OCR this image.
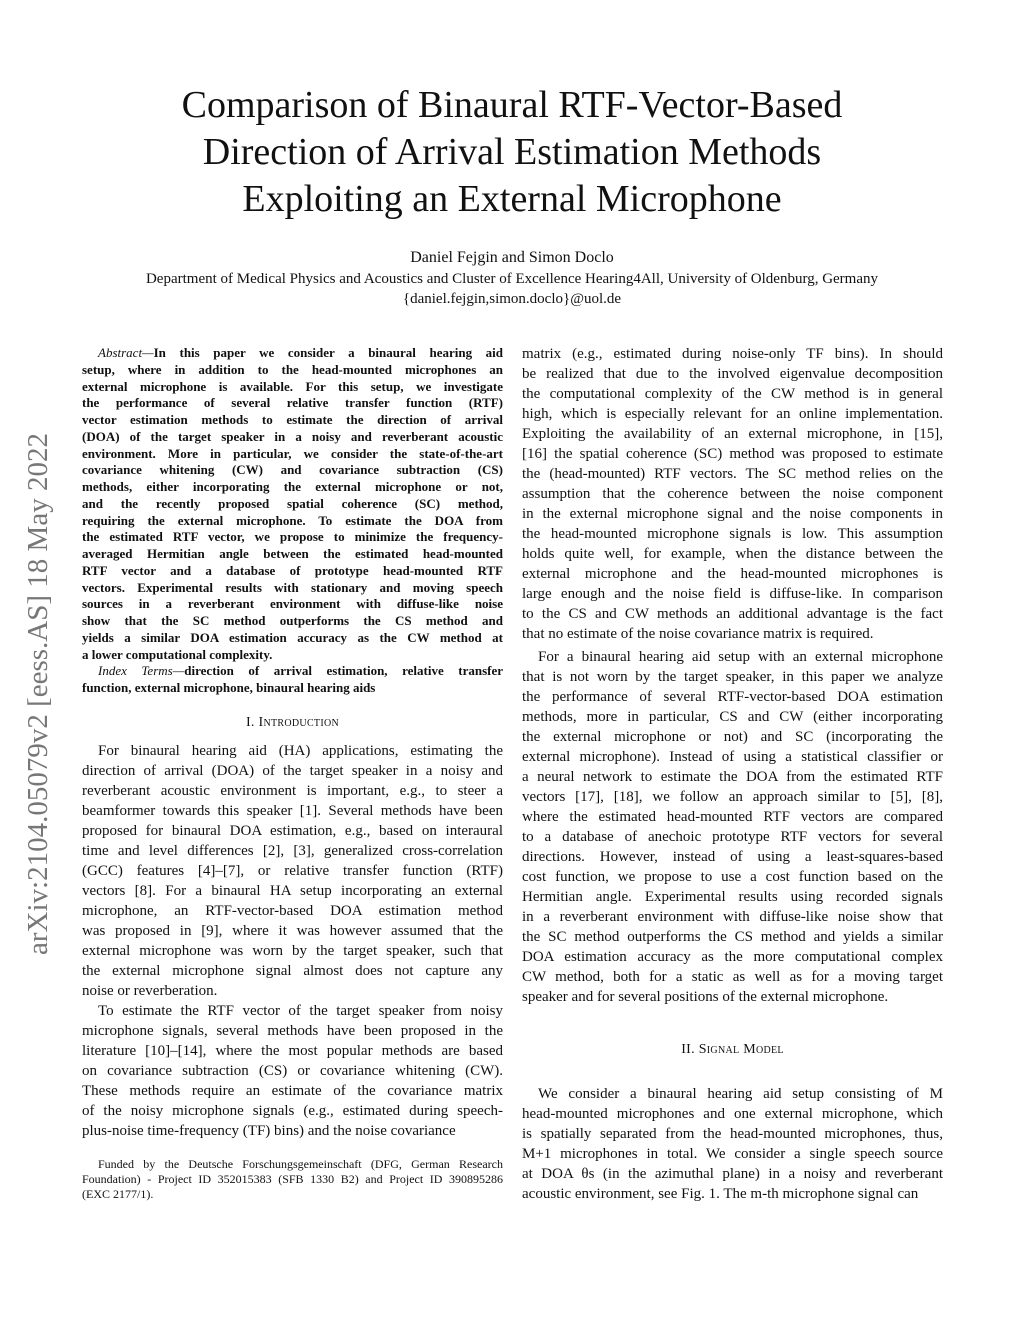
Comparison of Binaural RTF-Vector-Based
Direction of Arrival Estimation Methods
Exploiting an External Microphone
Daniel Fejgin and Simon Doclo
Department of Medical Physics and Acoustics and Cluster of Excellence Hearing4All, University of Oldenburg, Germany
{daniel.fejgin,simon.doclo}@uol.de
arXiv:2104.05079v2 [eess.AS] 18 May 2022
Abstract—In this paper we consider a binaural hearing aid
setup, where in addition to the head-mounted microphones an
external microphone is available. For this setup, we investigate
the performance of several relative transfer function (RTF)
vector estimation methods to estimate the direction of arrival
(DOA) of the target speaker in a noisy and reverberant acoustic
environment. More in particular, we consider the state-of-the-art
covariance whitening (CW) and covariance subtraction (CS)
methods, either incorporating the external microphone or not,
and the recently proposed spatial coherence (SC) method,
requiring the external microphone. To estimate the DOA from
the estimated RTF vector, we propose to minimize the frequency-
averaged Hermitian angle between the estimated head-mounted
RTF vector and a database of prototype head-mounted RTF
vectors. Experimental results with stationary and moving speech
sources in a reverberant environment with diffuse-like noise
show that the SC method outperforms the CS method and
yields a similar DOA estimation accuracy as the CW method at
a lower computational complexity.
Index Terms—direction of arrival estimation, relative transfer
function, external microphone, binaural hearing aids
I. Introduction
For binaural hearing aid (HA) applications, estimating the
direction of arrival (DOA) of the target speaker in a noisy and
reverberant acoustic environment is important, e.g., to steer a
beamformer towards this speaker [1]. Several methods have been
proposed for binaural DOA estimation, e.g., based on interaural
time and level differences [2], [3], generalized cross-correlation
(GCC) features [4]–[7], or relative transfer function (RTF)
vectors [8]. For a binaural HA setup incorporating an external
microphone, an RTF-vector-based DOA estimation method
was proposed in [9], where it was however assumed that the
external microphone was worn by the target speaker, such that
the external microphone signal almost does not capture any
noise or reverberation.
To estimate the RTF vector of the target speaker from noisy
microphone signals, several methods have been proposed in the
literature [10]–[14], where the most popular methods are based
on covariance subtraction (CS) or covariance whitening (CW).
These methods require an estimate of the covariance matrix
of the noisy microphone signals (e.g., estimated during speech-
plus-noise time-frequency (TF) bins) and the noise covariance
Funded by the Deutsche Forschungsgemeinschaft (DFG, German Research
Foundation) - Project ID 352015383 (SFB 1330 B2) and Project ID 390895286
(EXC 2177/1).
matrix (e.g., estimated during noise-only TF bins). In should
be realized that due to the involved eigenvalue decomposition
the computational complexity of the CW method is in general
high, which is especially relevant for an online implementation.
Exploiting the availability of an external microphone, in [15],
[16] the spatial coherence (SC) method was proposed to estimate
the (head-mounted) RTF vectors. The SC method relies on the
assumption that the coherence between the noise component
in the external microphone signal and the noise components in
the head-mounted microphone signals is low. This assumption
holds quite well, for example, when the distance between the
external microphone and the head-mounted microphones is
large enough and the noise field is diffuse-like. In comparison
to the CS and CW methods an additional advantage is the fact
that no estimate of the noise covariance matrix is required.
For a binaural hearing aid setup with an external microphone
that is not worn by the target speaker, in this paper we analyze
the performance of several RTF-vector-based DOA estimation
methods, more in particular, CS and CW (either incorporating
the external microphone or not) and SC (incorporating the
external microphone). Instead of using a statistical classifier or
a neural network to estimate the DOA from the estimated RTF
vectors [17], [18], we follow an approach similar to [5], [8],
where the estimated head-mounted RTF vectors are compared
to a database of anechoic prototype RTF vectors for several
directions. However, instead of using a least-squares-based
cost function, we propose to use a cost function based on the
Hermitian angle. Experimental results using recorded signals
in a reverberant environment with diffuse-like noise show that
the SC method outperforms the CS method and yields a similar
DOA estimation accuracy as the more computational complex
CW method, both for a static as well as for a moving target
speaker and for several positions of the external microphone.
II. Signal Model
We consider a binaural hearing aid setup consisting of M
head-mounted microphones and one external microphone, which
is spatially separated from the head-mounted microphones, thus,
M+1 microphones in total. We consider a single speech source
at DOA θs (in the azimuthal plane) in a noisy and reverberant
acoustic environment, see Fig. 1. The m-th microphone signal can
